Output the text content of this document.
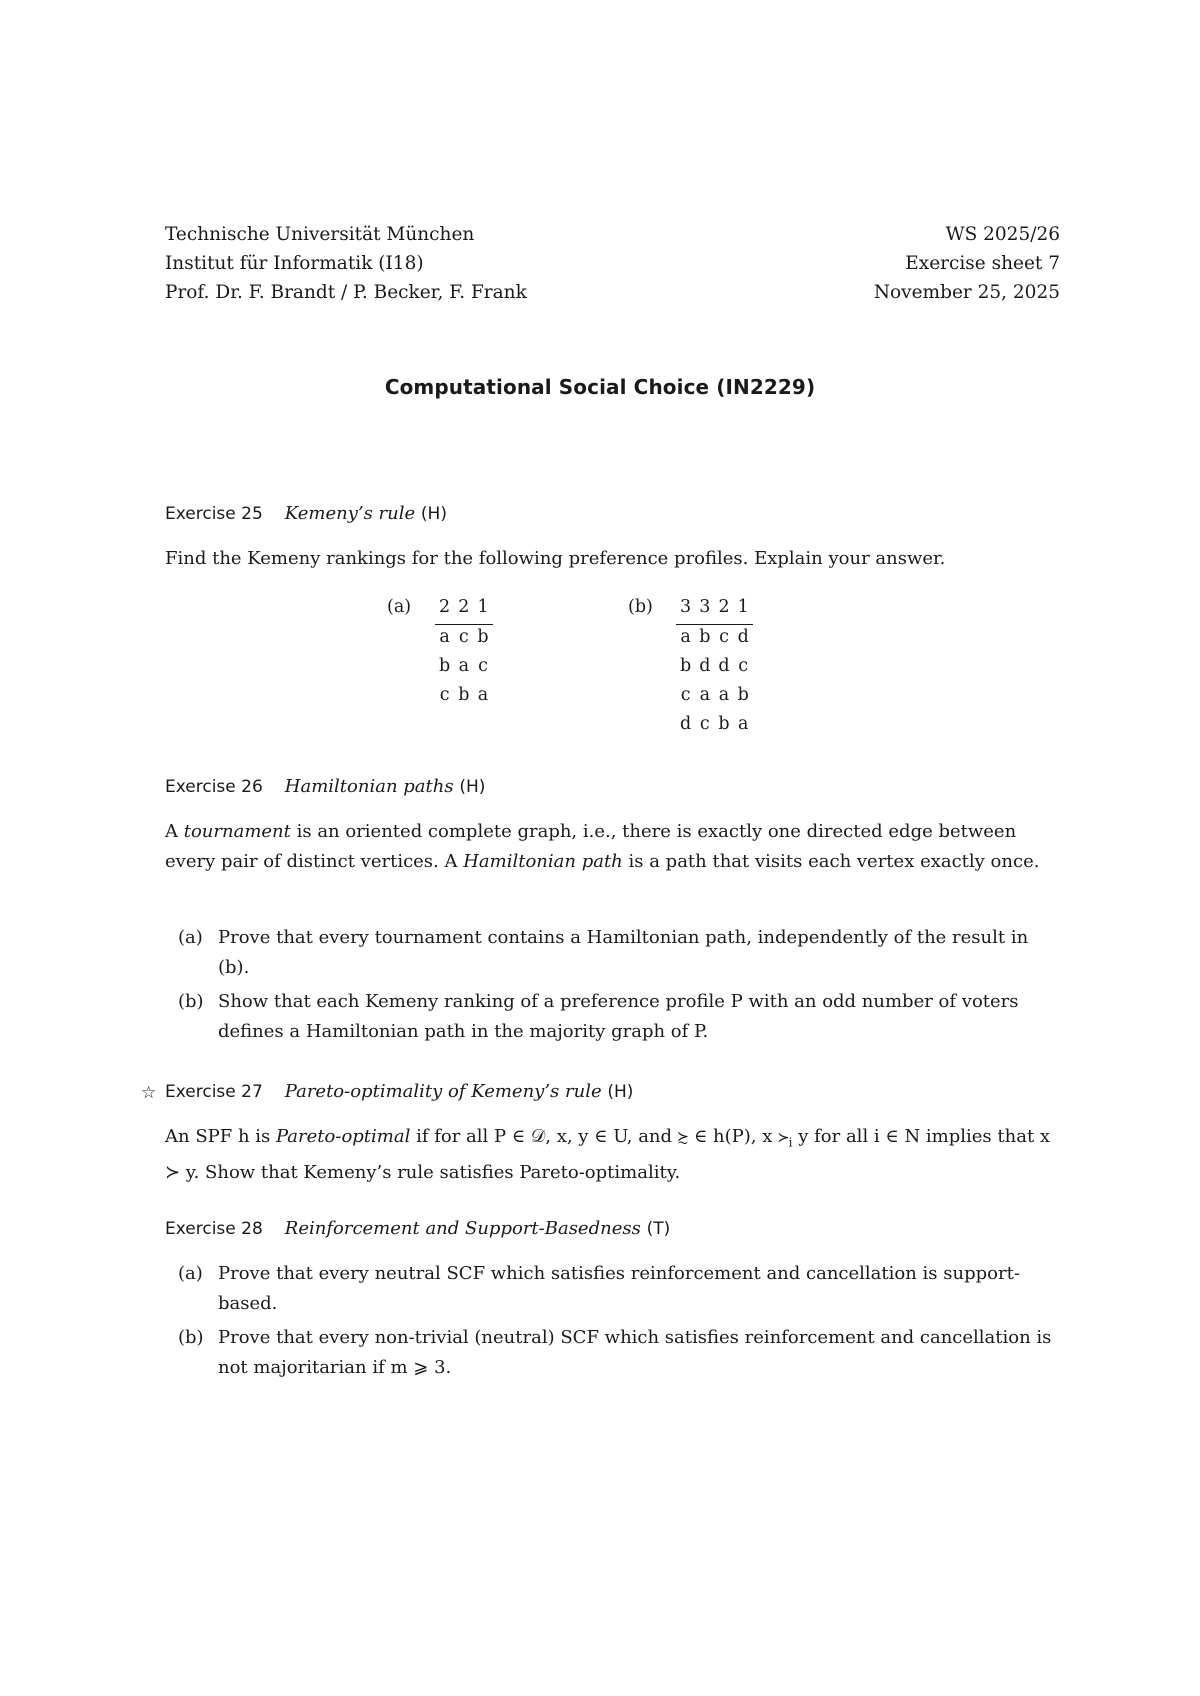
Technische Universität München
Institut für Informatik (I18)
Prof. Dr. F. Brandt / P. Becker, F. Frank
WS 2025/26
Exercise sheet 7
November 25, 2025
Computational Social Choice (IN2229)
Exercise 25 Kemeny’s rule (H)
Find the Kemeny rankings for the following preference profiles. Explain your answer.
(a) 2	2	1
a	c	b
b	a	c
c	b	a
(b) 3	3	2	1
a	b	c	d
b	d	d	c
c	a	a	b
d	c	b	a
Exercise 26 Hamiltonian paths (H)
A tournament is an oriented complete graph, i.e., there is exactly one directed edge between every pair of distinct vertices. A Hamiltonian path is a path that visits each vertex exactly once.
(a) Prove that every tournament contains a Hamiltonian path, independently of the result in (b).
(b) Show that each Kemeny ranking of a preference profile P with an odd number of voters defines a Hamiltonian path in the majority graph of P.
☆ Exercise 27 Pareto-optimality of Kemeny’s rule (H)
An SPF h is Pareto-optimal if for all P ∈ 𝒟, x, y ∈ U, and ≿ ∈ h(P), x $≻_i$ y for all i ∈ N implies that x ≻ y. Show that Kemeny’s rule satisfies Pareto-optimality.
Exercise 28 Reinforcement and Support-Basedness (T)
(a) Prove that every neutral SCF which satisfies reinforcement and cancellation is support-based.
(b) Prove that every non-trivial (neutral) SCF which satisfies reinforcement and cancellation is not majoritarian if m ⩾ 3.
